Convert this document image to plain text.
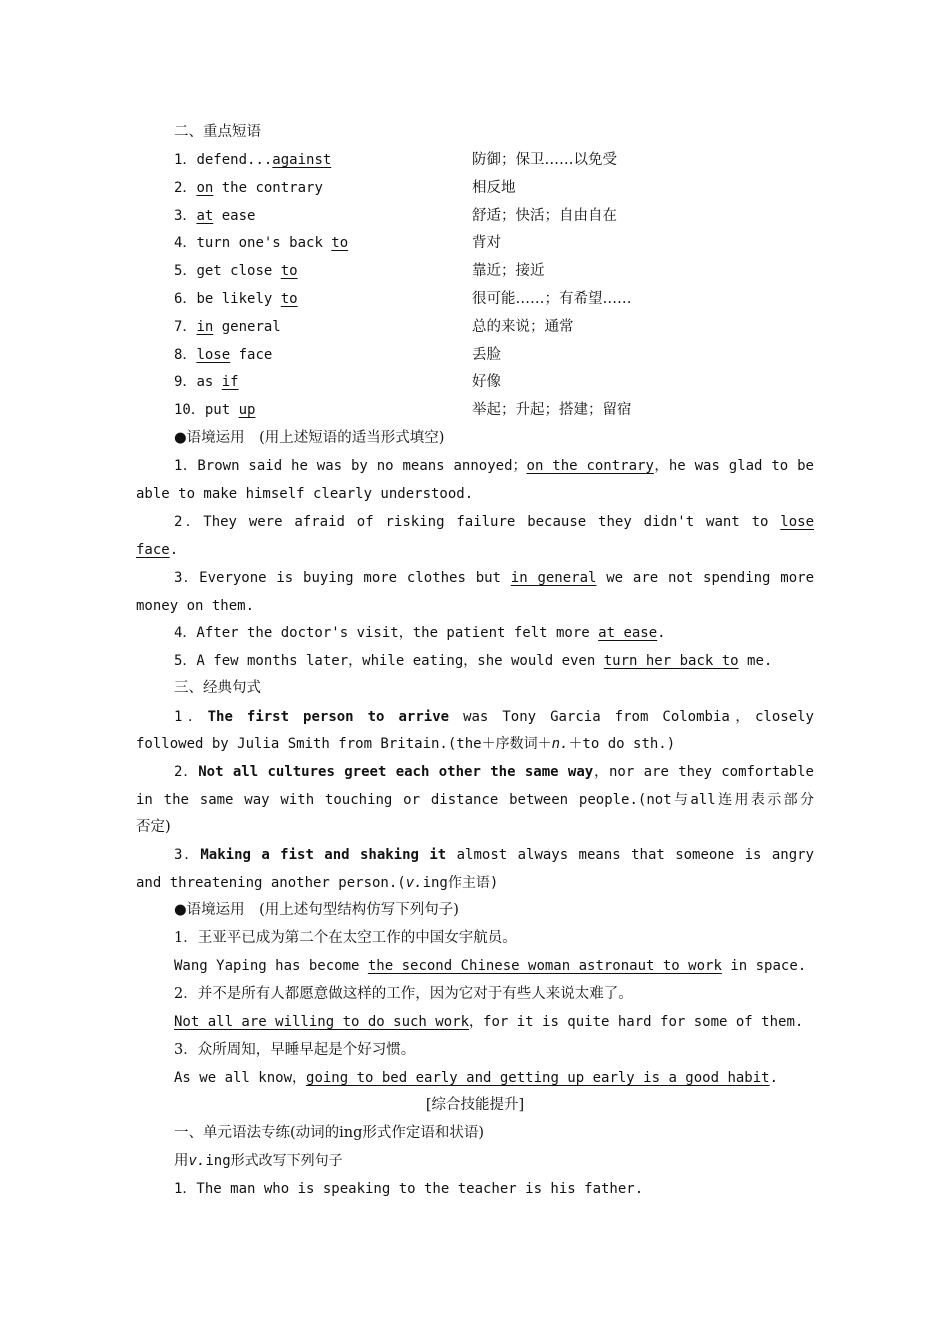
二、重点短语
1．defend...against	防御；保卫……以免受
2．on the contrary	相反地
3．at ease	舒适；快活；自由自在
4．turn one's back to	背对
5．get close to	靠近；接近
6．be likely to	很可能……；有希望……
7．in general	总的来说；通常
8．lose face	丢脸
9．as if	好像
10．put up	举起；升起；搭建；留宿
●语境运用　(用上述短语的适当形式填空)
1．Brown said he was by no means annoyed；on the contrary，he was glad to be
able to make himself clearly understood.
2．They were afraid of risking failure because they didn't want to lose
face.
3．Everyone is buying more clothes but in general we are not spending more
money on them.
4．After the doctor's visit，the patient felt more at ease.
5．A few months later，while eating，she would even turn her back to me.
三、经典句式
1．The first person to arrive was Tony Garcia from Colombia，closely
followed by Julia Smith from Britain.(the＋序数词＋n.＋to do sth.)
2．Not all cultures greet each other the same way，nor are they comfortable
in the same way with touching or distance between people.(not与all连用表示部分
否定)
3．Making a fist and shaking it almost always means that someone is angry
and threatening another person.(v.ing作主语)
●语境运用　(用上述句型结构仿写下列句子)
1．王亚平已成为第二个在太空工作的中国女宇航员。
Wang Yaping has become the second Chinese woman astronaut to work in space.
2．并不是所有人都愿意做这样的工作，因为它对于有些人来说太难了。
Not all are willing to do such work，for it is quite hard for some of them.
3．众所周知，早睡早起是个好习惯。
As we all know，going to bed early and getting up early is a good habit.
[综合技能提升]
一、单元语法专练(动词的ing形式作定语和状语)
用v.ing形式改写下列句子
1．The man who is speaking to the teacher is his father.
